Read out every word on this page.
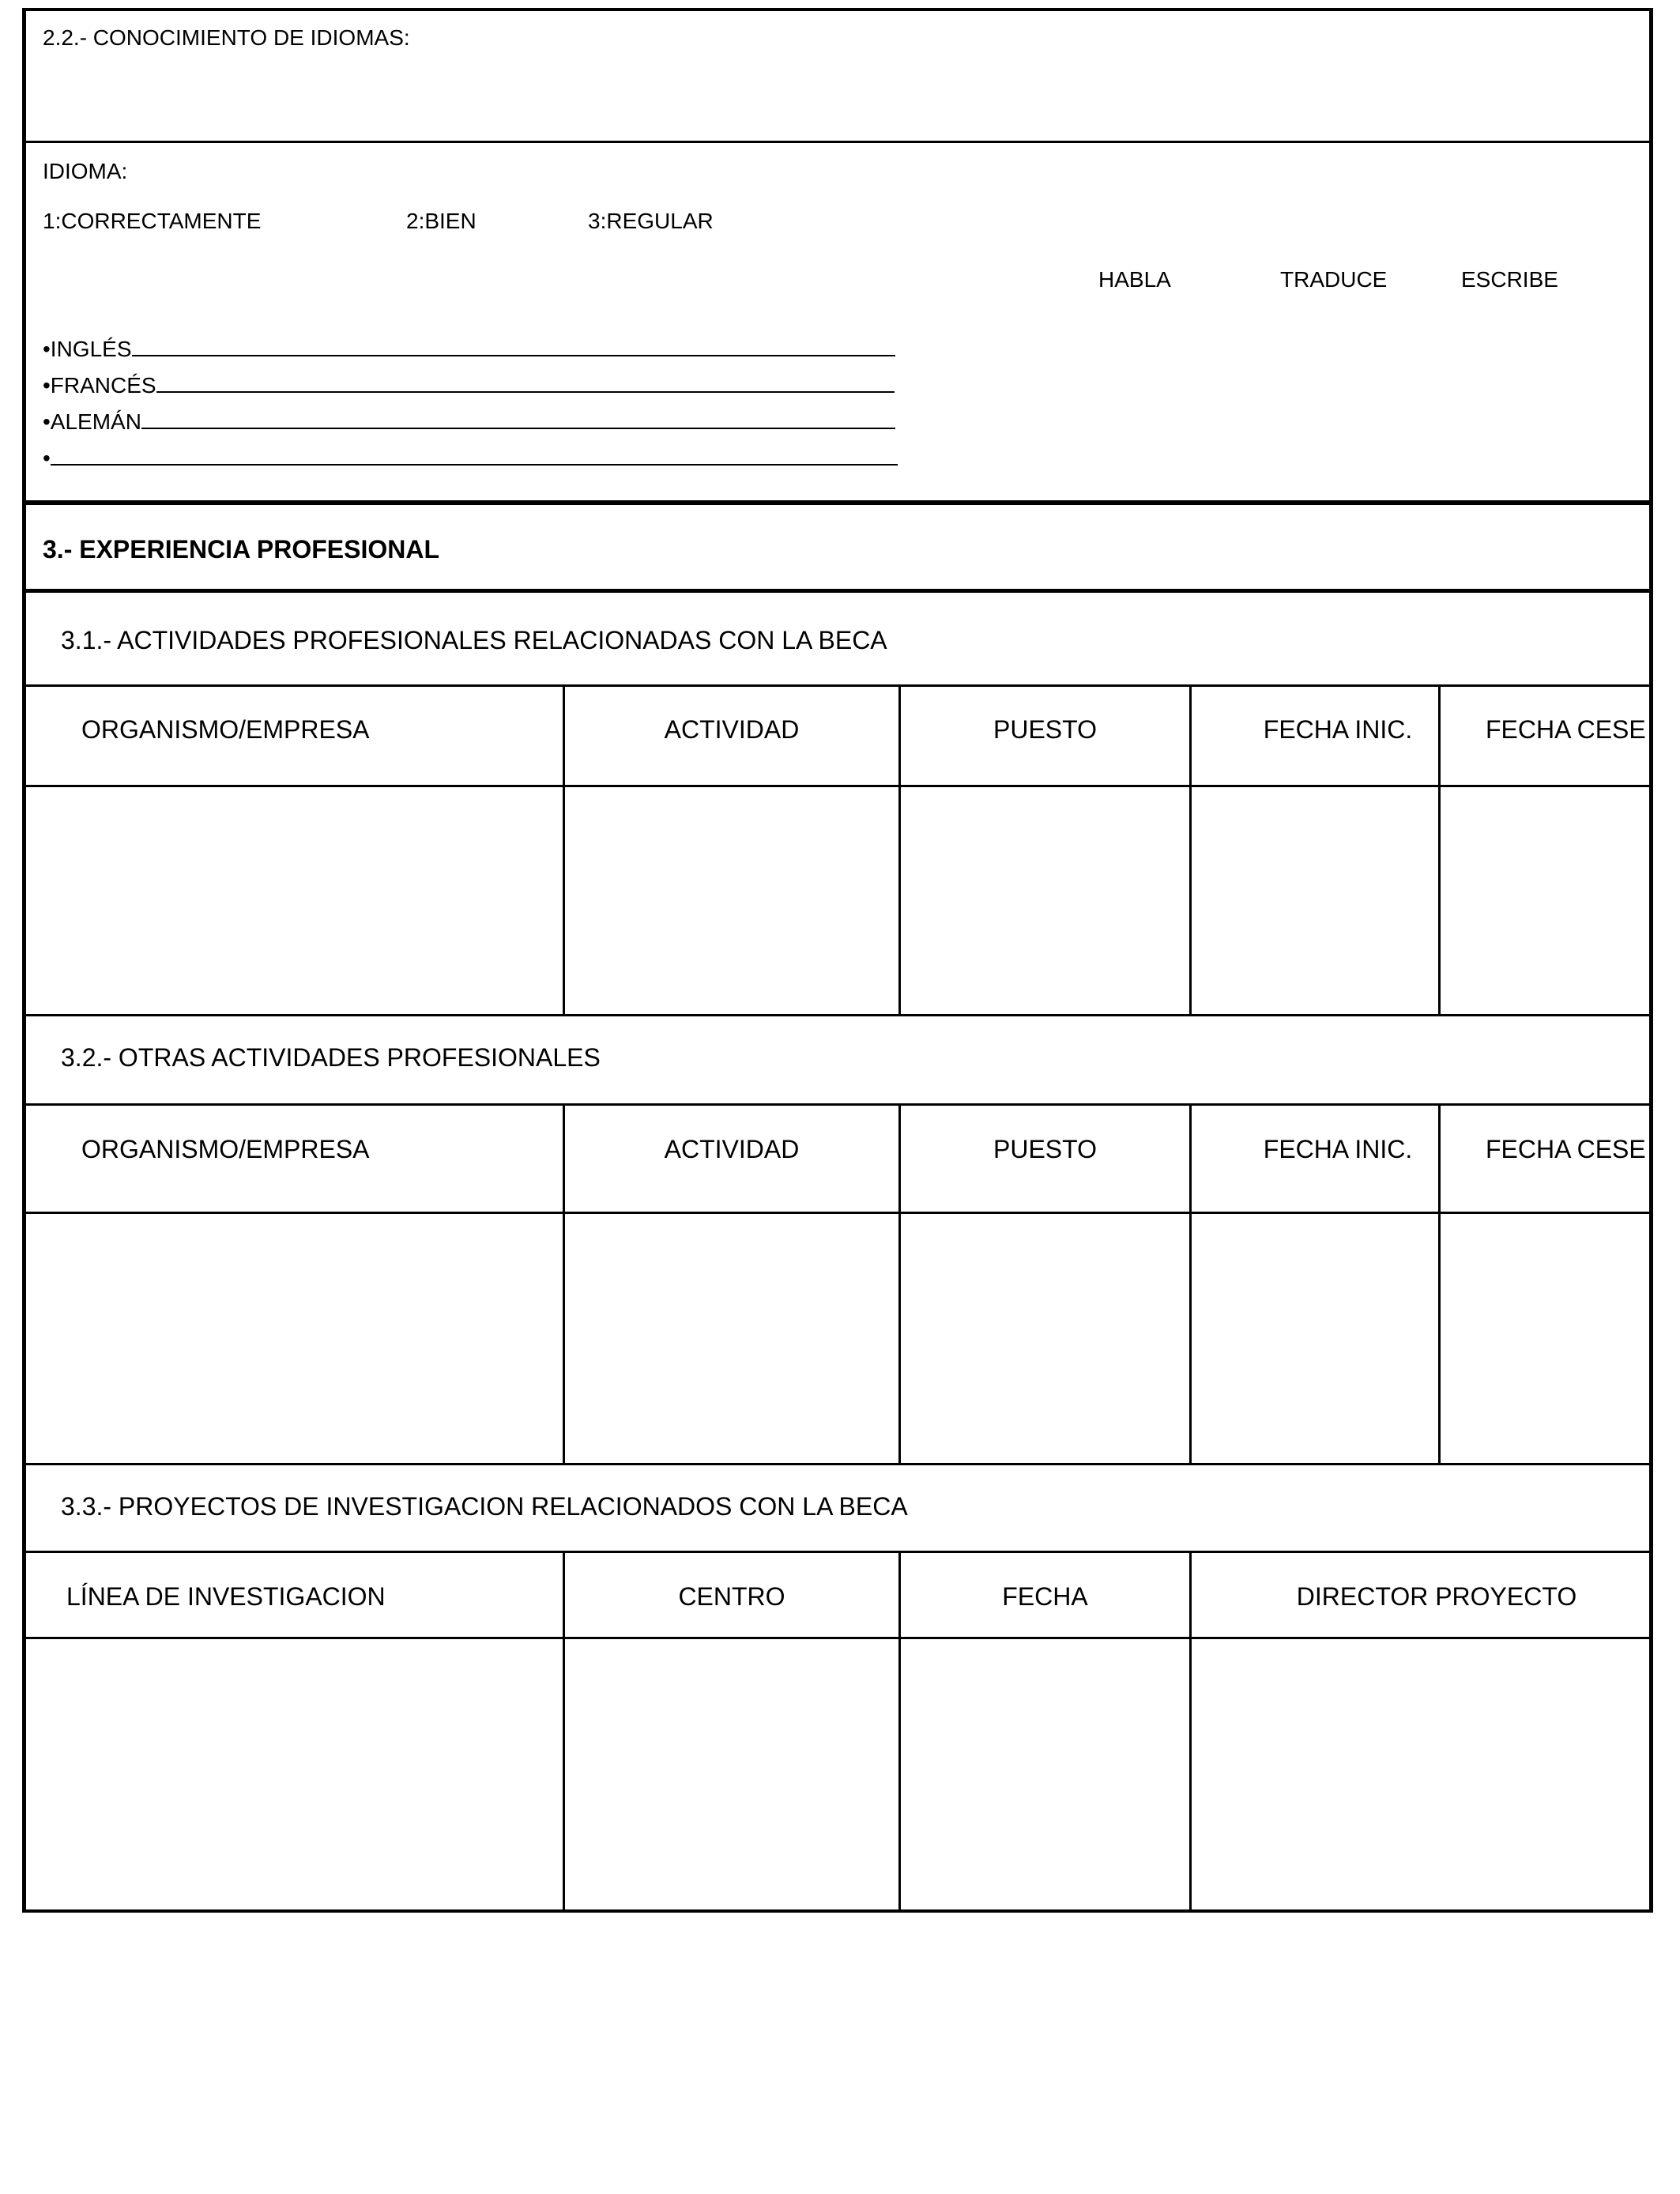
2.2.- CONOCIMIENTO DE IDIOMAS:
IDIOMA:
1:CORRECTAMENTE	2:BIEN	3:REGULAR
HABLA	TRADUCE	ESCRIBE
•INGLÉS
•FRANCÉS
•ALEMÁN
•
3.- EXPERIENCIA PROFESIONAL
3.1.- ACTIVIDADES PROFESIONALES RELACIONADAS CON LA BECA
ORGANISMO/EMPRESA	ACTIVIDAD	PUESTO	FECHA INIC.	FECHA CESE
3.2.- OTRAS ACTIVIDADES PROFESIONALES
ORGANISMO/EMPRESA	ACTIVIDAD	PUESTO	FECHA INIC.	FECHA CESE
3.3.- PROYECTOS DE INVESTIGACION RELACIONADOS CON LA BECA
LÍNEA DE INVESTIGACION	CENTRO	FECHA	DIRECTOR PROYECTO
